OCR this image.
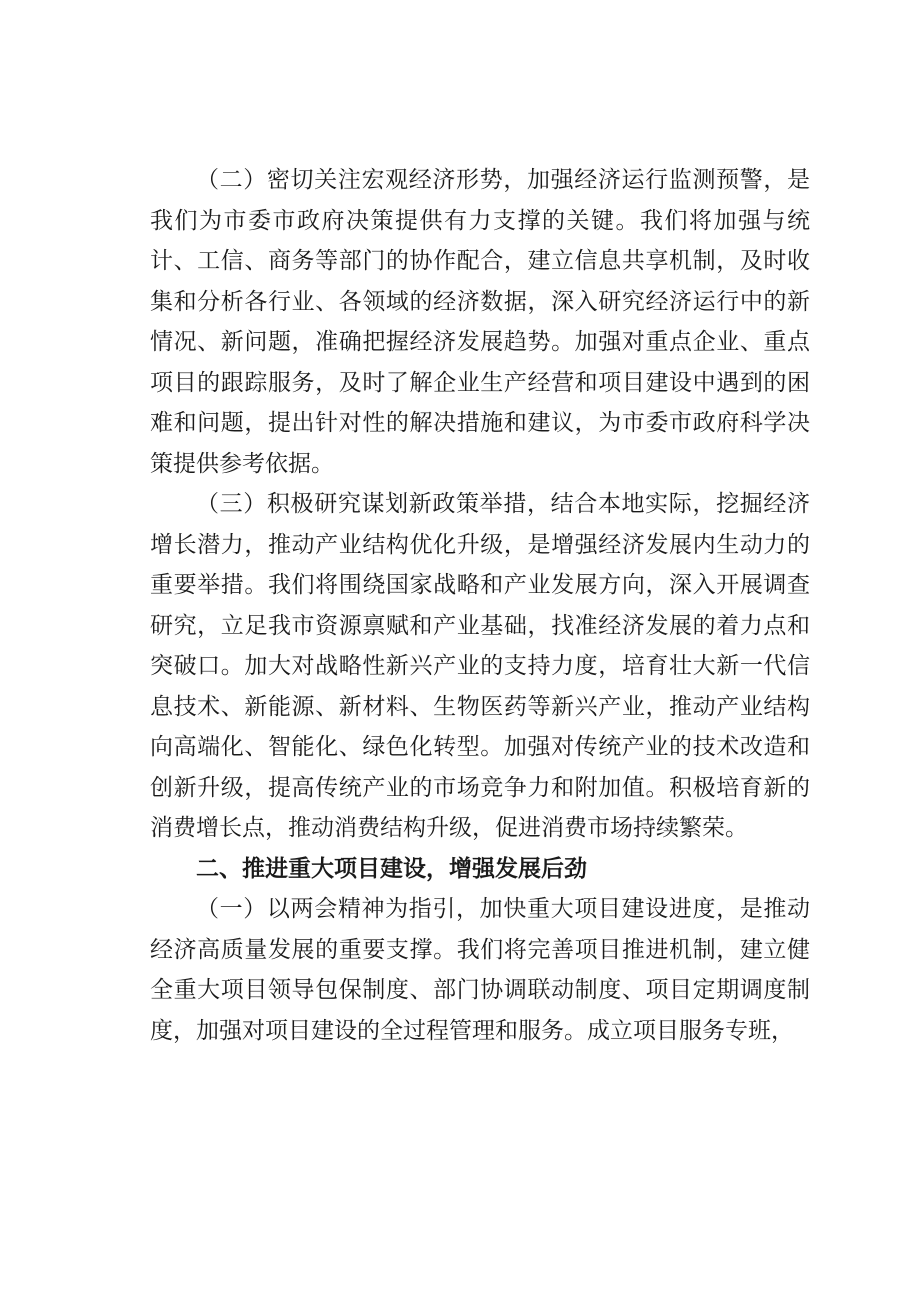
（二）密切关注宏观经济形势，加强经济运行监测预警，是我们为市委市政府决策提供有力支撑的关键。我们将加强与统计、工信、商务等部门的协作配合，建立信息共享机制，及时收集和分析各行业、各领域的经济数据，深入研究经济运行中的新情况、新问题，准确把握经济发展趋势。加强对重点企业、重点项目的跟踪服务，及时了解企业生产经营和项目建设中遇到的困难和问题，提出针对性的解决措施和建议，为市委市政府科学决策提供参考依据。

（三）积极研究谋划新政策举措，结合本地实际，挖掘经济增长潜力，推动产业结构优化升级，是增强经济发展内生动力的重要举措。我们将围绕国家战略和产业发展方向，深入开展调查研究，立足我市资源禀赋和产业基础，找准经济发展的着力点和突破口。加大对战略性新兴产业的支持力度，培育壮大新一代信息技术、新能源、新材料、生物医药等新兴产业，推动产业结构向高端化、智能化、绿色化转型。加强对传统产业的技术改造和创新升级，提高传统产业的市场竞争力和附加值。积极培育新的消费增长点，推动消费结构升级，促进消费市场持续繁荣。

二、推进重大项目建设，增强发展后劲

（一）以两会精神为指引，加快重大项目建设进度，是推动经济高质量发展的重要支撑。我们将完善项目推进机制，建立健全重大项目领导包保制度、部门协调联动制度、项目定期调度制度，加强对项目建设的全过程管理和服务。成立项目服务专班，
